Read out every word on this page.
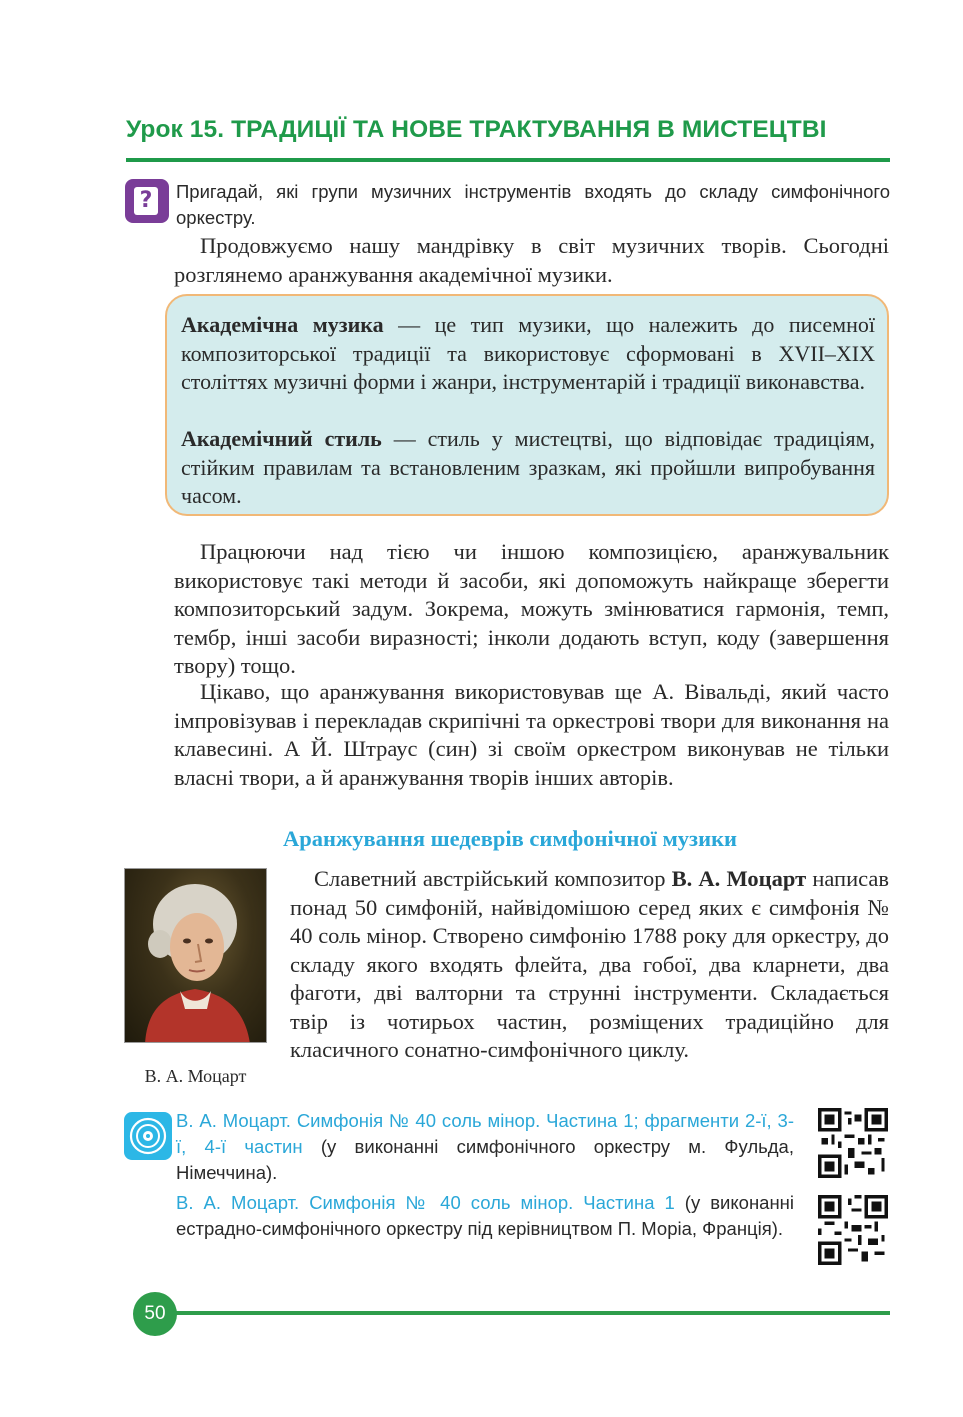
Урок 15. ТРАДИЦІЇ ТА НОВЕ ТРАКТУВАННЯ В МИСТЕЦТВІ
?	Пригадай, які групи музичних інструментів входять до складу симфонічного оркестру.
Продовжуємо нашу мандрівку в світ музичних творів. Сьогодні розглянемо аранжування академічної музики.
Академічна музика — це тип музики, що належить до писемної композиторської традиції та використовує сформовані в XVII–XIX століттях музичні форми і жанри, інструментарій і традиції виконавства.
Академічний стиль — стиль у мистецтві, що відповідає традиціям, стійким правилам та встановленим зразкам, які пройшли випробування часом.
Працюючи над тією чи іншою композицією, аранжувальник використовує такі методи й засоби, які допоможуть найкраще зберегти композиторський задум. Зокрема, можуть змінюватися гармонія, темп, тембр, інші засоби виразності; інколи додають вступ, коду (завершення твору) тощо.
Цікаво, що аранжування використовував ще А. Вівальді, який часто імпровізував і перекладав скрипічні та оркестрові твори для виконання на клавесині. А Й. Штраус (син) зі своїм оркестром виконував не тільки власні твори, а й аранжування творів інших авторів.
Аранжування шедеврів симфонічної музики
В. А. Моцарт
Славетний австрійський композитор В. А. Моцарт написав понад 50 симфоній, найвідомішою серед яких є симфонія № 40 соль мінор. Створено симфонію 1788 року для оркестру, до складу якого входять флейта, два гобої, два кларнети, два фаготи, дві валторни та струнні інструменти. Складається твір із чотирьох частин, розміщених традиційно для класичного сонатно-симфонічного циклу.
В. А. Моцарт. Симфонія № 40 соль мінор. Частина 1; фрагменти 2-ї, 3-ї, 4-ї частин (у виконанні симфонічного оркестру м. Фульда, Німеччина).
В. А. Моцарт. Симфонія № 40 соль мінор. Частина 1 (у виконанні естрадно-симфонічного оркестру під керівництвом П. Моріа, Франція).
50
